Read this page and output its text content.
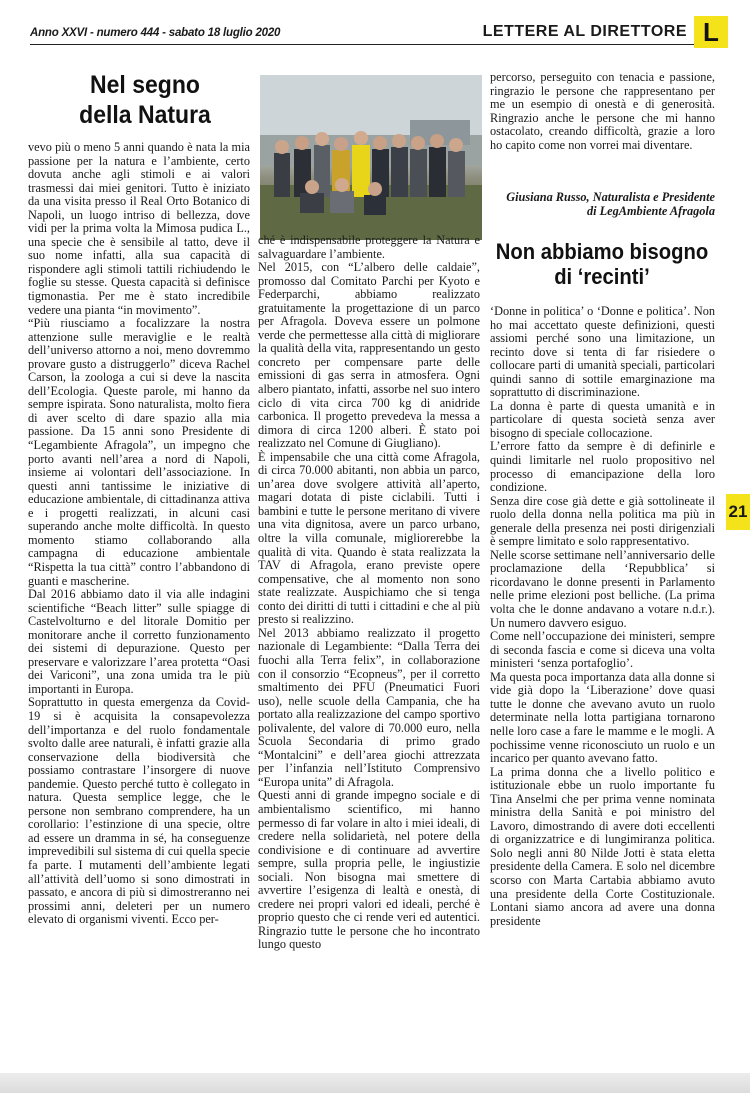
Anno XXVI - numero 444 - sabato 18 luglio 2020	LETTERE AL DIRETTORE L
Nel segno della Natura

vevo più o meno 5 anni quando è nata la mia passione per la natura e l’ambiente, certo dovuta anche agli stimoli e ai valori trasmessi dai miei genitori. Tutto è iniziato da una visita presso il Real Orto Botanico di Napoli, un luogo intriso di bellezza, dove vidi per la prima volta la Mimosa pudica L., una specie che è sensibile al tatto, deve il suo nome infatti, alla sua capacità di rispondere agli stimoli tattili richiudendo le foglie su stesse. Questa capacità si definisce tigmonastia. Per me è stato incredibile vedere una pianta “in movimento”.

“Più riusciamo a focalizzare la nostra attenzione sulle meraviglie e le realtà dell’universo attorno a noi, meno dovremmo provare gusto a distruggerlo” diceva Rachel Carson, la zoologa a cui si deve la nascita dell’Ecologia. Queste parole, mi hanno da sempre ispirata. Sono naturalista, molto fiera di aver scelto di dare spazio alla mia passione. Da 15 anni sono Presidente di “Legambiente Afragola”, un impegno che porto avanti nell’area a nord di Napoli, insieme ai volontari dell’associazione. In questi anni tantissime le iniziative di educazione ambientale, di cittadinanza attiva e i progetti realizzati, in alcuni casi superando anche molte difficoltà. In questo momento stiamo collaborando alla campagna di educazione ambientale “Rispetta la tua città” contro l’abbandono di guanti e mascherine.

Dal 2016 abbiamo dato il via alle indagini scientifiche “Beach litter” sulle spiagge di Castelvolturno e del litorale Domitio per monitorare anche il corretto funzionamento dei sistemi di depurazione. Questo per preservare e valorizzare l’area protetta “Oasi dei Variconi”, una zona umida tra le più importanti in Europa.

Soprattutto in questa emergenza da Covid-19 si è acquisita la consapevolezza dell’importanza e del ruolo fondamentale svolto dalle aree naturali, è infatti grazie alla conservazione della biodiversità che possiamo contrastare l’insorgere di nuove pandemie. Questo perché tutto è collegato in natura. Questa semplice legge, che le persone non sembrano comprendere, ha un corollario: l’estinzione di una specie, oltre ad essere un dramma in sé, ha conseguenze imprevedibili sul sistema di cui quella specie fa parte. I mutamenti dell’ambiente legati all’attività dell’uomo si sono dimostrati in passato, e ancora di più si dimostreranno nei prossimi anni, deleteri per un numero elevato di organismi viventi. Ecco per-

ché è indispensabile proteggere la Natura e salvaguardare l’ambiente.

Nel 2015, con “L’albero delle caldaie”, promosso dal Comitato Parchi per Kyoto e Federparchi, abbiamo realizzato gratuitamente la progettazione di un parco per Afragola. Doveva essere un polmone verde che permettesse alla città di migliorare la qualità della vita, rappresentando un gesto concreto per compensare parte delle emissioni di gas serra in atmosfera. Ogni albero piantato, infatti, assorbe nel suo intero ciclo di vita circa 700 kg di anidride carbonica. Il progetto prevedeva la messa a dimora di circa 1200 alberi. È stato poi realizzato nel Comune di Giugliano).

È impensabile che una città come Afragola, di circa 70.000 abitanti, non abbia un parco, un’area dove svolgere attività all’aperto, magari dotata di piste ciclabili. Tutti i bambini e tutte le persone meritano di vivere una vita dignitosa, avere un parco urbano, oltre la villa comunale, migliorerebbe la qualità di vita. Quando è stata realizzata la TAV di Afragola, erano previste opere compensative, che al momento non sono state realizzate. Auspichiamo che si tenga conto dei diritti di tutti i cittadini e che al più presto si realizzino.

Nel 2013 abbiamo realizzato il progetto nazionale di Legambiente: “Dalla Terra dei fuochi alla Terra felix”, in collaborazione con il consorzio “Ecopneus”, per il corretto smaltimento dei PFU (Pneumatici Fuori uso), nelle scuole della Campania, che ha portato alla realizzazione del campo sportivo polivalente, del valore di 70.000 euro, nella Scuola Secondaria di primo grado “Montalcini” e dell’area giochi attrezzata per l’infanzia nell’Istituto Comprensivo “Europa unita” di Afragola.

Questi anni di grande impegno sociale e di ambientalismo scientifico, mi hanno permesso di far volare in alto i miei ideali, di credere nella solidarietà, nel potere della condivisione e di continuare ad avvertire sempre, sulla propria pelle, le ingiustizie sociali. Non bisogna mai smettere di avvertire l’esigenza di lealtà e onestà, di credere nei propri valori ed ideali, perché è proprio questo che ci rende veri ed autentici. Ringrazio tutte le persone che ho incontrato lungo questo

percorso, perseguito con tenacia e passione, ringrazio le persone che rappresentano per me un esempio di onestà e di generosità. Ringrazio anche le persone che mi hanno ostacolato, creando difficoltà, grazie a loro ho capito come non vorrei mai diventare.

Giusiana Russo, Naturalista e Presidente
di LegAmbiente Afragola
Non abbiamo bisogno di ‘recinti’

‘Donne in politica’ o ‘Donne e politica’. Non ho mai accettato queste definizioni, questi assiomi perché sono una limitazione, un recinto dove si tenta di far risiedere o collocare parti di umanità speciali, particolari quindi sanno di sottile emarginazione ma soprattutto di discriminazione.

La donna è parte di questa umanità e in particolare di questa società senza aver bisogno di speciale collocazione.

L’errore fatto da sempre è di definirle e quindi limitarle nel ruolo propositivo nel processo di emancipazione della loro condizione.

Senza dire cose già dette e già sottolineate il ruolo della donna nella politica ma più in generale della presenza nei posti dirigenziali è sempre limitato e solo rappresentativo.

Nelle scorse settimane nell’anniversario delle proclamazione della ‘Repubblica’ si ricordavano le donne presenti in Parlamento nelle prime elezioni post belliche. (La prima volta che le donne andavano a votare n.d.r.). Un numero davvero esiguo.

Come nell’occupazione dei ministeri, sempre di seconda fascia e come si diceva una volta ministeri ‘senza portafoglio’.

Ma questa poca importanza data alla donne si vide già dopo la ‘Liberazione’ dove quasi tutte le donne che avevano avuto un ruolo determinate nella lotta partigiana tornarono nelle loro case a fare le mamme e le mogli. A pochissime venne riconosciuto un ruolo e un incarico per quanto avevano fatto.

La prima donna che a livello politico e istituzionale ebbe un ruolo importante fu Tina Anselmi che per prima venne nominata ministra della Sanità e poi ministro del Lavoro, dimostrando di avere doti eccellenti di organizzatrice e di lungimiranza politica. Solo negli anni 80 Nilde Jotti è stata eletta presidente della Camera. E solo nel dicembre scorso con Marta Cartabia abbiamo avuto una presidente della Corte Costituzionale. Lontani siamo ancora ad avere una donna presidente

21
